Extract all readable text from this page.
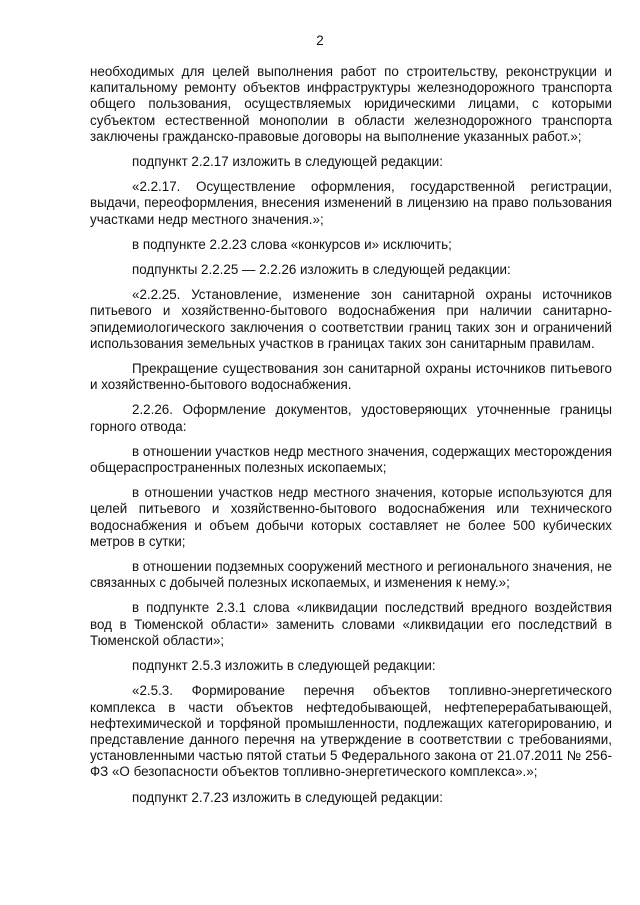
2

необходимых для целей выполнения работ по строительству, реконструкции и капитальному ремонту объектов инфраструктуры железнодорожного транспорта общего пользования, осуществляемых юридическими лицами, с которыми субъектом естественной монополии в области железнодорожного транспорта заключены гражданско-правовые договоры на выполнение указанных работ.»;

подпункт 2.2.17 изложить в следующей редакции:

«2.2.17. Осуществление оформления, государственной регистрации, выдачи, переоформления, внесения изменений в лицензию на право пользования участками недр местного значения.»;

в подпункте 2.2.23 слова «конкурсов и» исключить;

подпункты 2.2.25 — 2.2.26 изложить в следующей редакции:

«2.2.25. Установление, изменение зон санитарной охраны источников питьевого и хозяйственно-бытового водоснабжения при наличии санитарно-эпидемиологического заключения о соответствии границ таких зон и ограничений использования земельных участков в границах таких зон санитарным правилам.

Прекращение существования зон санитарной охраны источников питьевого и хозяйственно-бытового водоснабжения.

2.2.26. Оформление документов, удостоверяющих уточненные границы горного отвода:

в отношении участков недр местного значения, содержащих месторождения общераспространенных полезных ископаемых;

в отношении участков недр местного значения, которые используются для целей питьевого и хозяйственно-бытового водоснабжения или технического водоснабжения и объем добычи которых составляет не более 500 кубических метров в сутки;

в отношении подземных сооружений местного и регионального значения, не связанных с добычей полезных ископаемых, и изменения к нему.»;

в подпункте 2.3.1 слова «ликвидации последствий вредного воздействия вод в Тюменской области» заменить словами «ликвидации его последствий в Тюменской области»;

подпункт 2.5.3 изложить в следующей редакции:

«2.5.3. Формирование перечня объектов топливно-энергетического комплекса в части объектов нефтедобывающей, нефтеперерабатывающей, нефтехимической и торфяной промышленности, подлежащих категорированию, и представление данного перечня на утверждение в соответствии с требованиями, установленными частью пятой статьи 5 Федерального закона от 21.07.2011 № 256-ФЗ «О безопасности объектов топливно-энергетического комплекса».»;

подпункт 2.7.23 изложить в следующей редакции:
